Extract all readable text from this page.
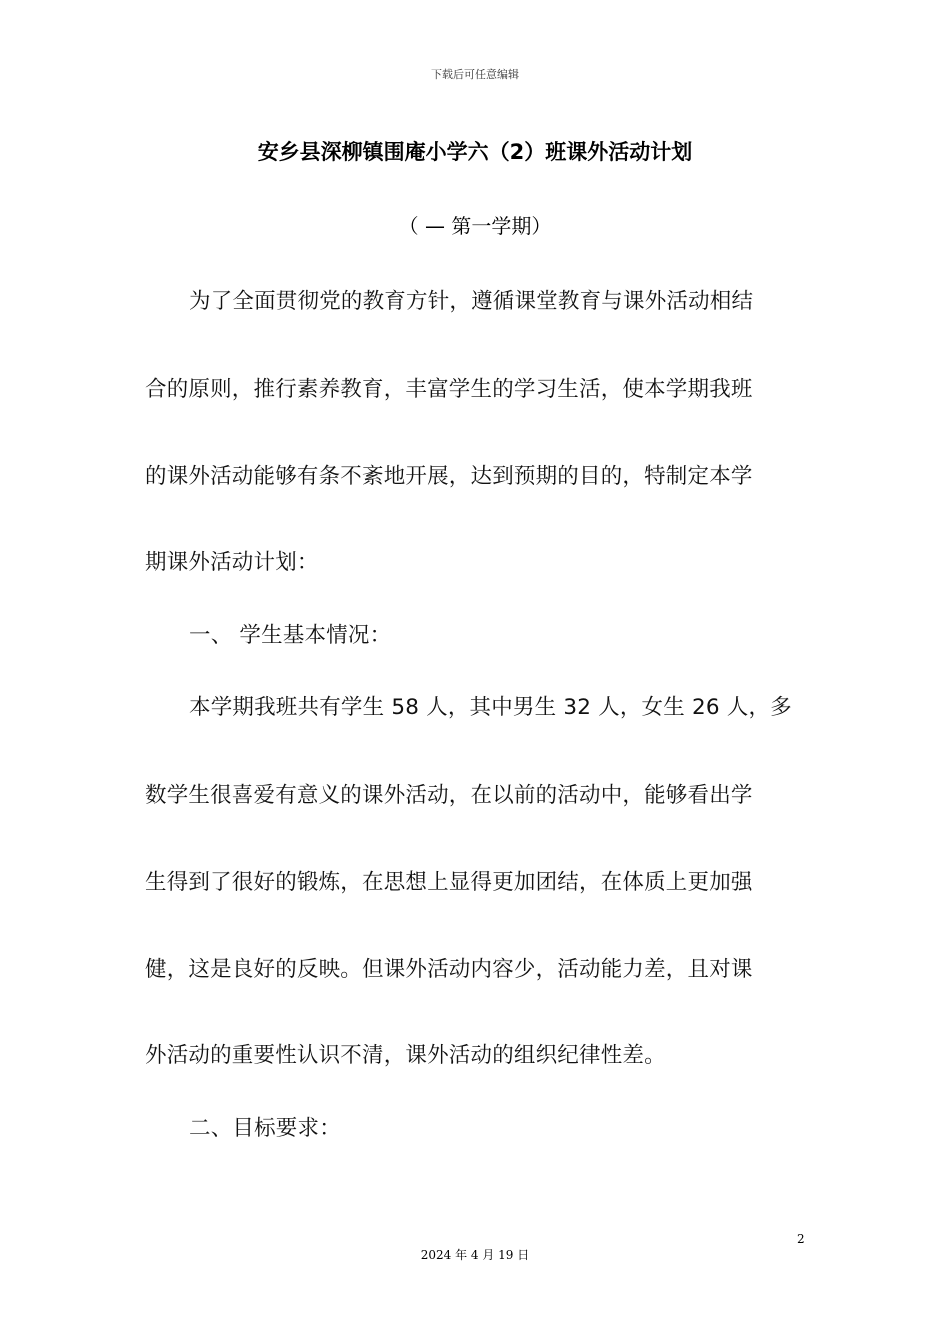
下载后可任意编辑
安乡县深柳镇围庵小学六（2）班课外活动计划
（ — 第一学期）
为了全面贯彻党的教育方针，遵循课堂教育与课外活动相结
合的原则，推行素养教育，丰富学生的学习生活，使本学期我班
的课外活动能够有条不紊地开展，达到预期的目的，特制定本学
期课外活动计划：
一、 学生基本情况：
本学期我班共有学生 58 人，其中男生 32 人，女生 26 人，多
数学生很喜爱有意义的课外活动，在以前的活动中，能够看出学
生得到了很好的锻炼，在思想上显得更加团结，在体质上更加强
健，这是良好的反映。但课外活动内容少，活动能力差，且对课
外活动的重要性认识不清，课外活动的组织纪律性差。
二、目标要求：
2
2024 年 4 月 19 日
